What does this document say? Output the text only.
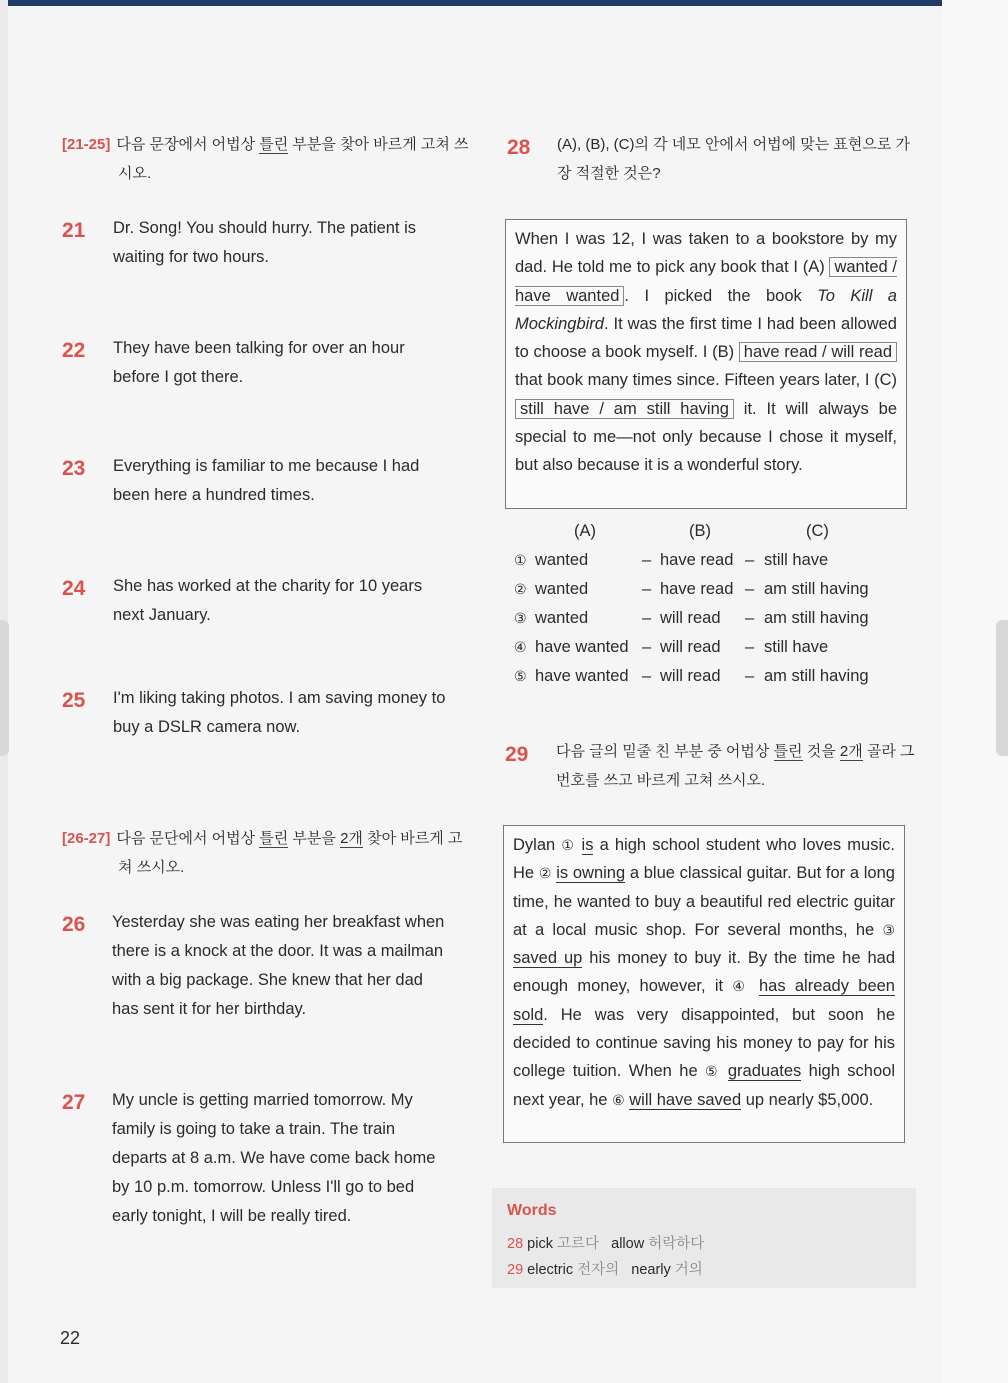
[21-25] 다음 문장에서 어법상 틀린 부분을 찾아 바르게 고쳐 쓰
시오.
21 Dr. Song! You should hurry. The patient is
waiting for two hours.
22 They have been talking for over an hour
before I got there.
23 Everything is familiar to me because I had
been here a hundred times.
24 She has worked at the charity for 10 years
next January.
25 I'm liking taking photos. I am saving money to
buy a DSLR camera now.
[26-27] 다음 문단에서 어법상 틀린 부분을 2개 찾아 바르게 고
쳐 쓰시오.
26 Yesterday she was eating her breakfast when
there is a knock at the door. It was a mailman
with a big package. She knew that her dad
has sent it for her birthday.
27 My uncle is getting married tomorrow. My
family is going to take a train. The train
departs at 8 a.m. We have come back home
by 10 p.m. tomorrow. Unless I'll go to bed
early tonight, I will be really tired.
28 (A), (B), (C)의 각 네모 안에서 어법에 맞는 표현으로 가
장 적절한 것은?
When I was 12, I was taken to a bookstore by my dad. He told me to pick any book that I (A) wanted / have wanted . I picked the book To Kill a Mockingbird. It was the first time I had been allowed to choose a book myself. I (B) have read / will read that book many times since. Fifteen years later, I (C) still have / am still having it. It will always be special to me—not only because I chose it myself, but also because it is a wonderful story.
(A)	(B)	(C)
① wanted	– have read – still have
② wanted	– have read – am still having
③ wanted	– will read – am still having
④ have wanted – will read – still have
⑤ have wanted – will read – am still having
29 다음 글의 밑줄 친 부분 중 어법상 틀린 것을 2개 골라 그
번호를 쓰고 바르게 고쳐 쓰시오.
Dylan ① is a high school student who loves music. He ② is owning a blue classical guitar. But for a long time, he wanted to buy a beautiful red electric guitar at a local music shop. For several months, he ③ saved up his money to buy it. By the time he had enough money, however, it ④ has already been sold. He was very disappointed, but soon he decided to continue saving his money to pay for his college tuition. When he ⑤ graduates high school next year, he ⑥ will have saved up nearly $5,000.
Words
28 pick 고르다 allow 허락하다
29 electric 전자의 nearly 거의
22
